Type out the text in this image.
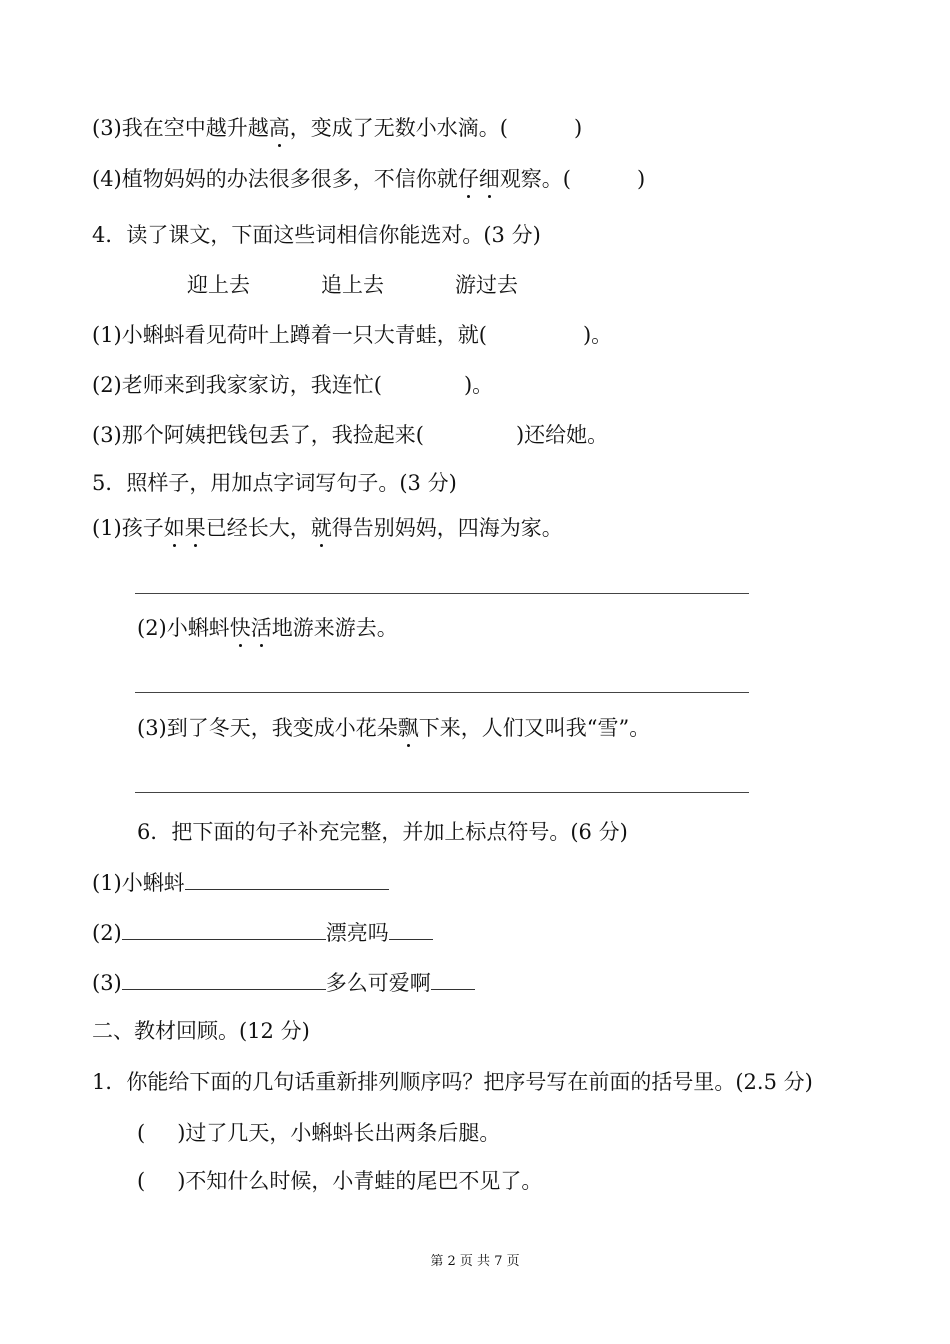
(3)我在空中越升越高，变成了无数小水滴。(	)
(4)植物妈妈的办法很多很多，不信你就仔细观察。(	)
4．读了课文，下面这些词相信你能选对。(3 分)
迎上去	追上去	游过去
(1)小蝌蚪看见荷叶上蹲着一只大青蛙，就(	)。
(2)老师来到我家家访，我连忙(	)。
(3)那个阿姨把钱包丢了，我捡起来(	)还给她。
5．照样子，用加点字词写句子。(3 分)
(1)孩子如果已经长大，就得告别妈妈，四海为家。
(2)小蝌蚪快活地游来游去。
(3)到了冬天，我变成小花朵飘下来，人们又叫我“雪”。
6．把下面的句子补充完整，并加上标点符号。(6 分)
(1)小蝌蚪
(2)	漂亮吗
(3)	多么可爱啊
二、教材回顾。(12 分)
1．你能给下面的几句话重新排列顺序吗？把序号写在前面的括号里。(2.5 分)
( )过了几天，小蝌蚪长出两条后腿。
( )不知什么时候，小青蛙的尾巴不见了。
第 2 页 共 7 页
